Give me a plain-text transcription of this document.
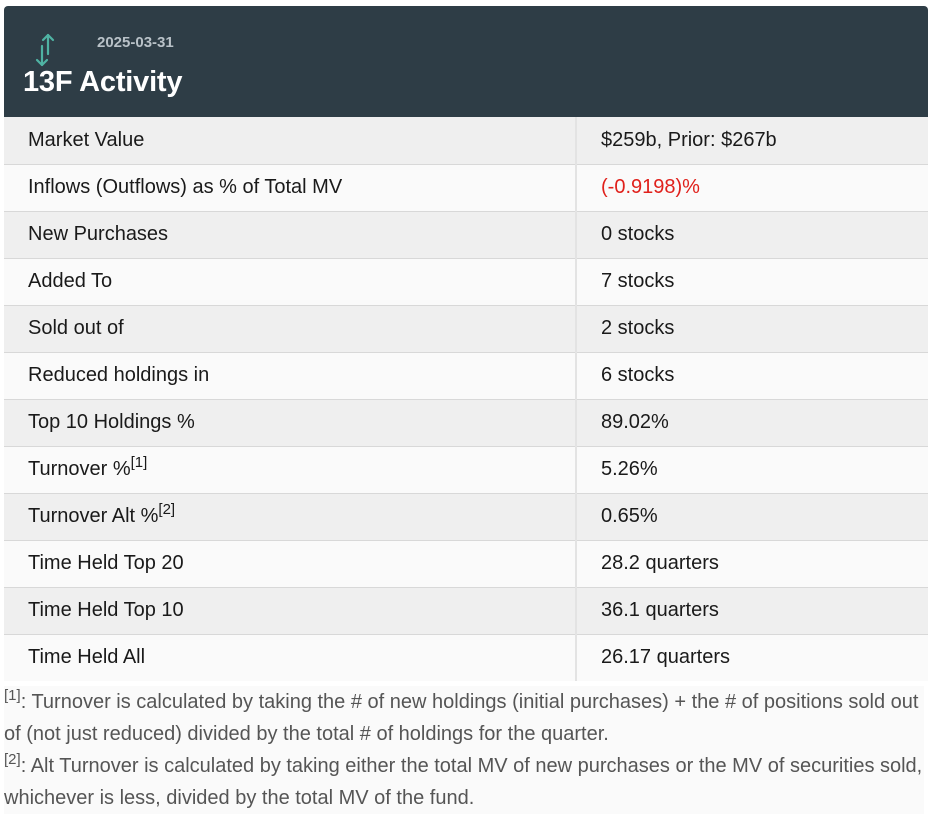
2025-03-31
13F Activity
Market Value	$259b, Prior: $267b
Inflows (Outflows) as % of Total MV	(-0.9198)%
New Purchases	0 stocks
Added To	7 stocks
Sold out of	2 stocks
Reduced holdings in	6 stocks
Top 10 Holdings %	89.02%
Turnover %[1]	5.26%
Turnover Alt %[2]	0.65%
Time Held Top 20	28.2 quarters
Time Held Top 10	36.1 quarters
Time Held All	26.17 quarters
[1]: Turnover is calculated by taking the # of new holdings (initial purchases) + the # of positions sold out of (not just reduced) divided by the total # of holdings for the quarter.
[2]: Alt Turnover is calculated by taking either the total MV of new purchases or the MV of securities sold, whichever is less, divided by the total MV of the fund.
